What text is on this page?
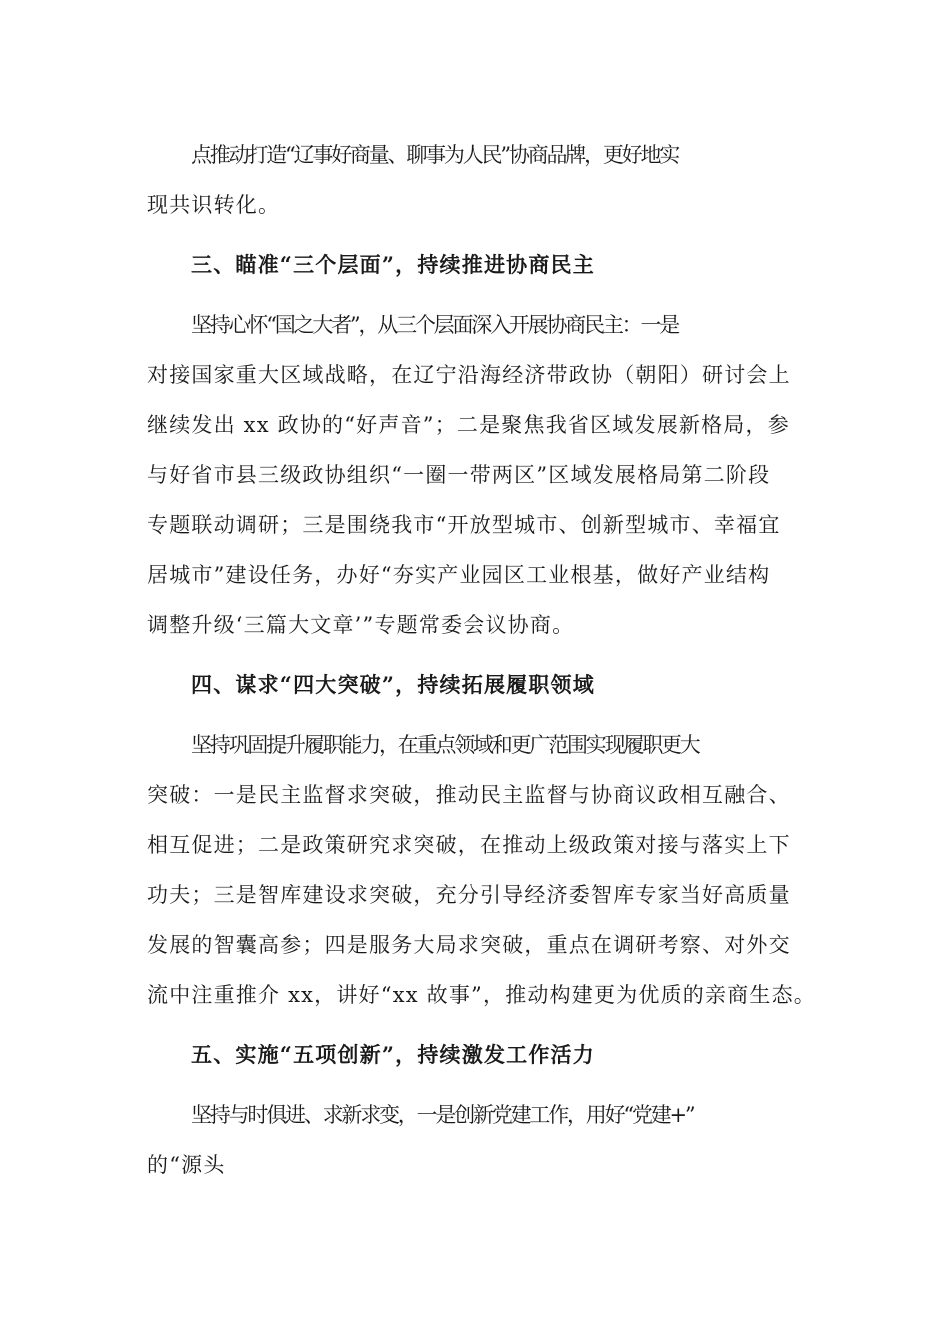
点推动打造“辽事好商量、聊事为人民”协商品牌，更好地实
现共识转化。
三、瞄准“三个层面”，持续推进协商民主
坚持心怀“国之大者”，从三个层面深入开展协商民主：一是
对接国家重大区域战略，在辽宁沿海经济带政协（朝阳）研讨会上
继续发出 xx 政协的“好声音”；二是聚焦我省区域发展新格局，参
与好省市县三级政协组织“一圈一带两区”区域发展格局第二阶段
专题联动调研；三是围绕我市“开放型城市、创新型城市、幸福宜
居城市”建设任务，办好“夯实产业园区工业根基，做好产业结构
调整升级‘三篇大文章’”专题常委会议协商。
四、谋求“四大突破”，持续拓展履职领域
坚持巩固提升履职能力，在重点领域和更广范围实现履职更大
突破：一是民主监督求突破，推动民主监督与协商议政相互融合、
相互促进；二是政策研究求突破，在推动上级政策对接与落实上下
功夫；三是智库建设求突破，充分引导经济委智库专家当好高质量
发展的智囊高参；四是服务大局求突破，重点在调研考察、对外交
流中注重推介 xx，讲好“xx 故事”，推动构建更为优质的亲商生态。
五、实施“五项创新”，持续激发工作活力
坚持与时俱进、求新求变，一是创新党建工作，用好“党建+”
的“源头
